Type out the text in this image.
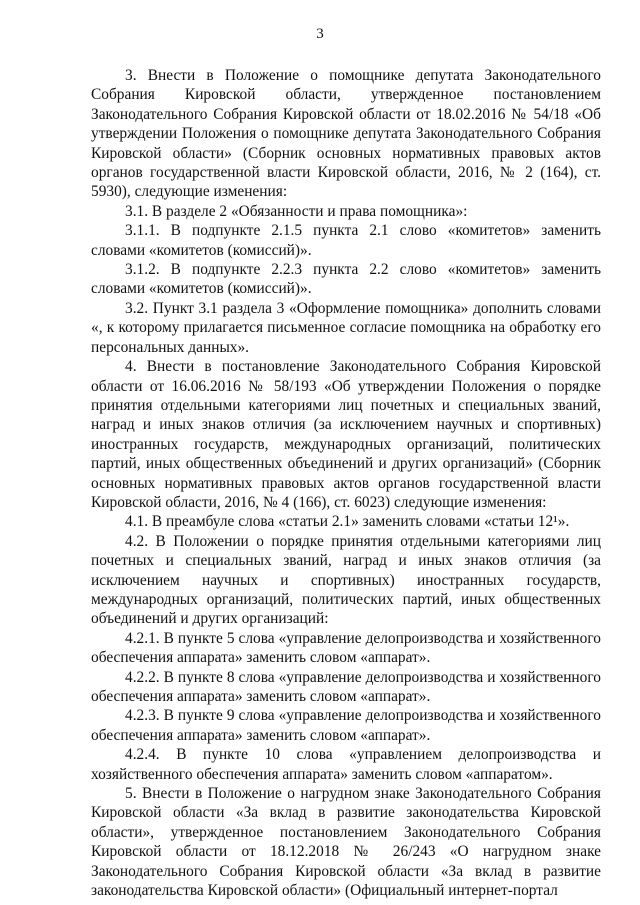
3

3. Внести в Положение о помощнике депутата Законодательного Собрания Кировской области, утвержденное постановлением Законодательного Собрания Кировской области от 18.02.2016 № 54/18 «Об утверждении Положения о помощнике депутата Законодательного Собрания Кировской области» (Сборник основных нормативных правовых актов органов государственной власти Кировской области, 2016, № 2 (164), ст. 5930), следующие изменения:

3.1. В разделе 2 «Обязанности и права помощника»:

3.1.1. В подпункте 2.1.5 пункта 2.1 слово «комитетов» заменить словами «комитетов (комиссий)».

3.1.2. В подпункте 2.2.3 пункта 2.2 слово «комитетов» заменить словами «комитетов (комиссий)».

3.2. Пункт 3.1 раздела 3 «Оформление помощника» дополнить словами «, к которому прилагается письменное согласие помощника на обработку его персональных данных».

4. Внести в постановление Законодательного Собрания Кировской области от 16.06.2016 № 58/193 «Об утверждении Положения о порядке принятия отдельными категориями лиц почетных и специальных званий, наград и иных знаков отличия (за исключением научных и спортивных) иностранных государств, международных организаций, политических партий, иных общественных объединений и других организаций» (Сборник основных нормативных правовых актов органов государственной власти Кировской области, 2016, № 4 (166), ст. 6023) следующие изменения:

4.1. В преамбуле слова «статьи 2.1» заменить словами «статьи 12¹».

4.2. В Положении о порядке принятия отдельными категориями лиц почетных и специальных званий, наград и иных знаков отличия (за исключением научных и спортивных) иностранных государств, международных организаций, политических партий, иных общественных объединений и других организаций:

4.2.1. В пункте 5 слова «управление делопроизводства и хозяйственного обеспечения аппарата» заменить словом «аппарат».

4.2.2. В пункте 8 слова «управление делопроизводства и хозяйственного обеспечения аппарата» заменить словом «аппарат».

4.2.3. В пункте 9 слова «управление делопроизводства и хозяйственного обеспечения аппарата» заменить словом «аппарат».

4.2.4. В пункте 10 слова «управлением делопроизводства и хозяйственного обеспечения аппарата» заменить словом «аппаратом».

5. Внести в Положение о нагрудном знаке Законодательного Собрания Кировской области «За вклад в развитие законодательства Кировской области», утвержденное постановлением Законодательного Собрания Кировской области от 18.12.2018 № 26/243 «О нагрудном знаке Законодательного Собрания Кировской области «За вклад в развитие законодательства Кировской области» (Официальный интернет-портал
